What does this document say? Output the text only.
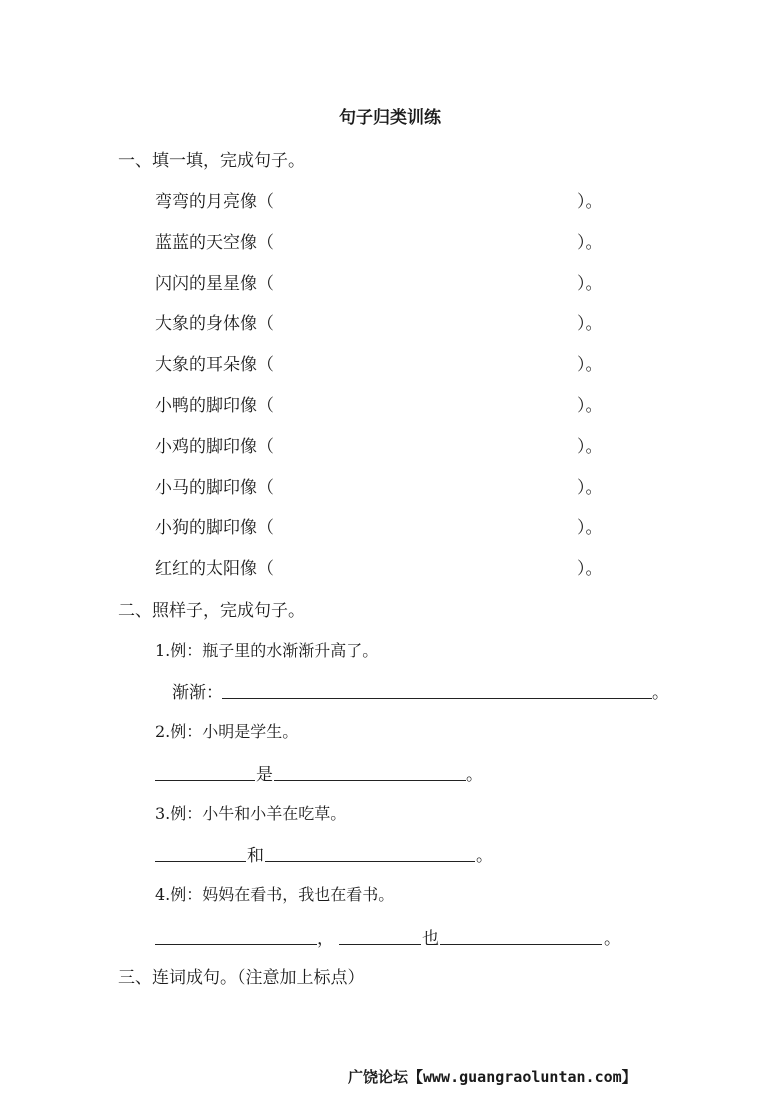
句子归类训练
一、填一填，完成句子。
弯弯的月亮像（	）。
蓝蓝的天空像（	）。
闪闪的星星像（	）。
大象的身体像（	）。
大象的耳朵像（	）。
小鸭的脚印像（	）。
小鸡的脚印像（	）。
小马的脚印像（	）。
小狗的脚印像（	）。
红红的太阳像（	）。
二、照样子，完成句子。
1.例：瓶子里的水渐渐升高了。
渐渐：	。
2.例：小明是学生。
是	。
3.例：小牛和小羊在吃草。
和	。
4.例：妈妈在看书，我也在看书。
，	也	。
三、连词成句。（注意加上标点）
广饶论坛【www.guangraoluntan.com】
